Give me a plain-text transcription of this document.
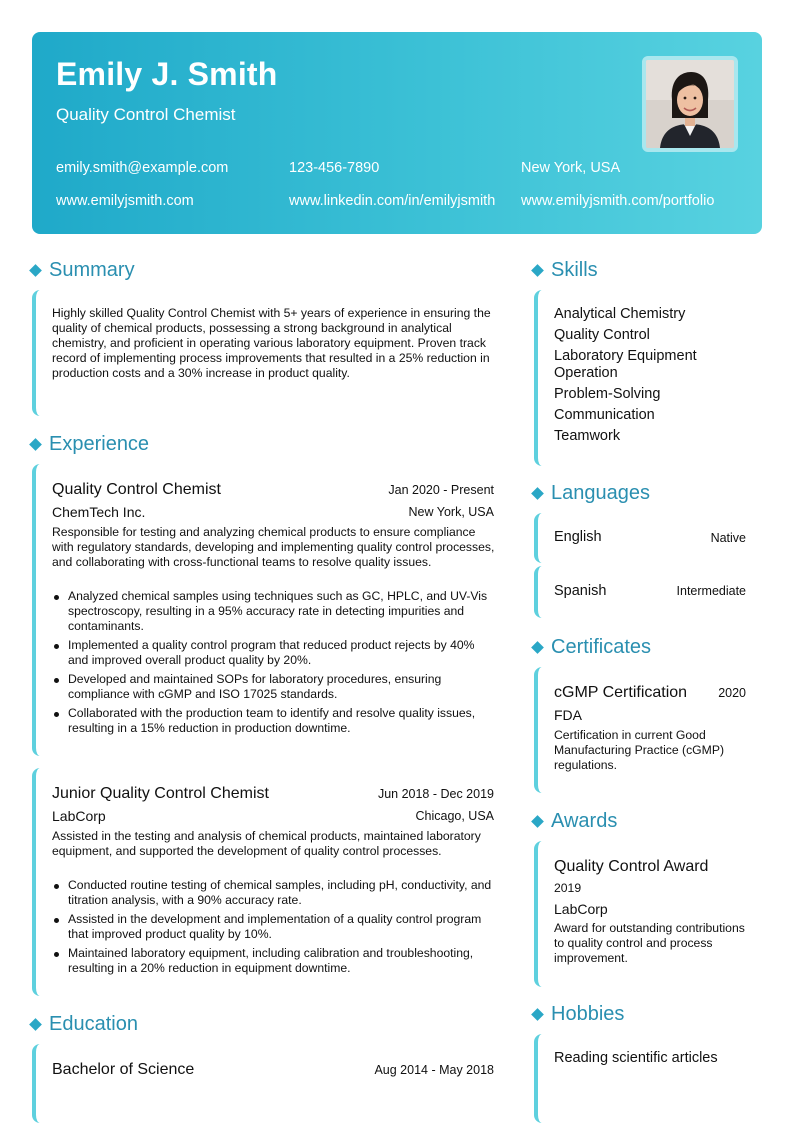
Emily J. Smith
Quality Control Chemist
emily.smith@example.com	123-456-7890	New York, USA
www.emilyjsmith.com	www.linkedin.com/in/emilyjsmith www.emilyjsmith.com/portfolio
Summary
Highly skilled Quality Control Chemist with 5+ years of experience in ensuring the quality of chemical products, possessing a strong background in analytical chemistry, and proficient in operating various laboratory equipment. Proven track record of implementing process improvements that resulted in a 25% reduction in production costs and a 30% increase in product quality.
Experience
Quality Control Chemist	Jan 2020 - Present
ChemTech Inc.	New York, USA
Responsible for testing and analyzing chemical products to ensure compliance with regulatory standards, developing and implementing quality control processes, and collaborating with cross-functional teams to resolve quality issues.
Analyzed chemical samples using techniques such as GC, HPLC, and UV-Vis spectroscopy, resulting in a 95% accuracy rate in detecting impurities and contaminants.
Implemented a quality control program that reduced product rejects by 40% and improved overall product quality by 20%.
Developed and maintained SOPs for laboratory procedures, ensuring compliance with cGMP and ISO 17025 standards.
Collaborated with the production team to identify and resolve quality issues, resulting in a 15% reduction in production downtime.
Junior Quality Control Chemist	Jun 2018 - Dec 2019
LabCorp	Chicago, USA
Assisted in the testing and analysis of chemical products, maintained laboratory equipment, and supported the development of quality control processes.
Conducted routine testing of chemical samples, including pH, conductivity, and titration analysis, with a 90% accuracy rate.
Assisted in the development and implementation of a quality control program that improved product quality by 10%.
Maintained laboratory equipment, including calibration and troubleshooting, resulting in a 20% reduction in equipment downtime.
Education
Bachelor of Science	Aug 2014 - May 2018
Skills
Analytical Chemistry
Quality Control
Laboratory Equipment Operation
Problem-Solving
Communication
Teamwork
Languages
English	Native
Spanish	Intermediate
Certificates
cGMP Certification 2020
FDA
Certification in current Good Manufacturing Practice (cGMP) regulations.
Awards
Quality Control Award
2019
LabCorp
Award for outstanding contributions to quality control and process improvement.
Hobbies
Reading scientific articles
